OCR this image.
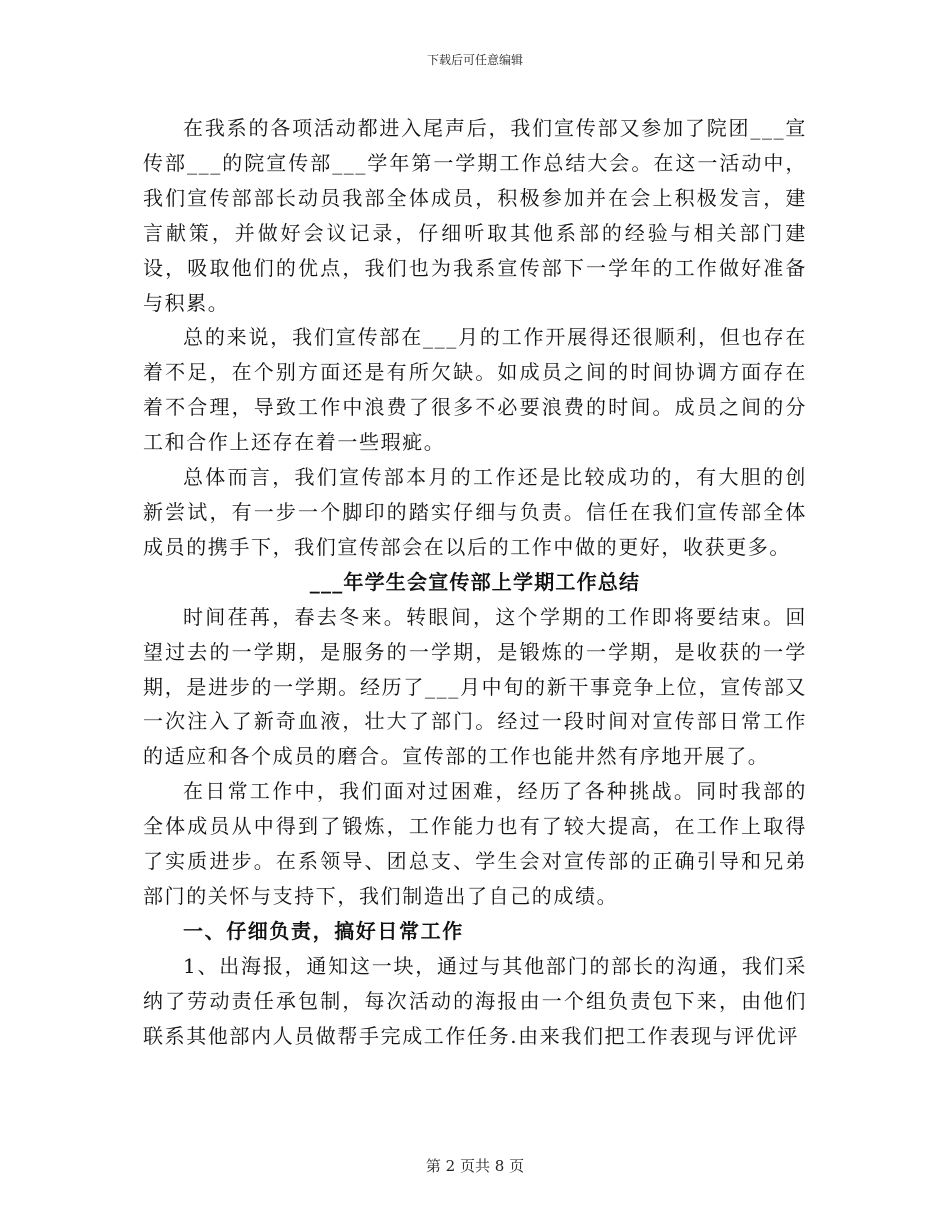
下载后可任意编辑

在我系的各项活动都进入尾声后，我们宣传部又参加了院团___宣传部___的院宣传部___学年第一学期工作总结大会。在这一活动中，我们宣传部部长动员我部全体成员，积极参加并在会上积极发言，建言献策，并做好会议记录，仔细听取其他系部的经验与相关部门建设，吸取他们的优点，我们也为我系宣传部下一学年的工作做好准备与积累。

总的来说，我们宣传部在___月的工作开展得还很顺利，但也存在着不足，在个别方面还是有所欠缺。如成员之间的时间协调方面存在着不合理，导致工作中浪费了很多不必要浪费的时间。成员之间的分工和合作上还存在着一些瑕疵。

总体而言，我们宣传部本月的工作还是比较成功的，有大胆的创新尝试，有一步一个脚印的踏实仔细与负责。信任在我们宣传部全体成员的携手下，我们宣传部会在以后的工作中做的更好，收获更多。

___年学生会宣传部上学期工作总结

时间荏苒，春去冬来。转眼间，这个学期的工作即将要结束。回望过去的一学期，是服务的一学期，是锻炼的一学期，是收获的一学期，是进步的一学期。经历了___月中旬的新干事竞争上位，宣传部又一次注入了新奇血液，壮大了部门。经过一段时间对宣传部日常工作的适应和各个成员的磨合。宣传部的工作也能井然有序地开展了。

在日常工作中，我们面对过困难，经历了各种挑战。同时我部的全体成员从中得到了锻炼，工作能力也有了较大提高，在工作上取得了实质进步。在系领导、团总支、学生会对宣传部的正确引导和兄弟部门的关怀与支持下，我们制造出了自己的成绩。

一、仔细负责，搞好日常工作

1、出海报，通知这一块，通过与其他部门的部长的沟通，我们采纳了劳动责任承包制，每次活动的海报由一个组负责包下来，由他们联系其他部内人员做帮手完成工作任务.由来我们把工作表现与评优评

第 2 页共 8 页
